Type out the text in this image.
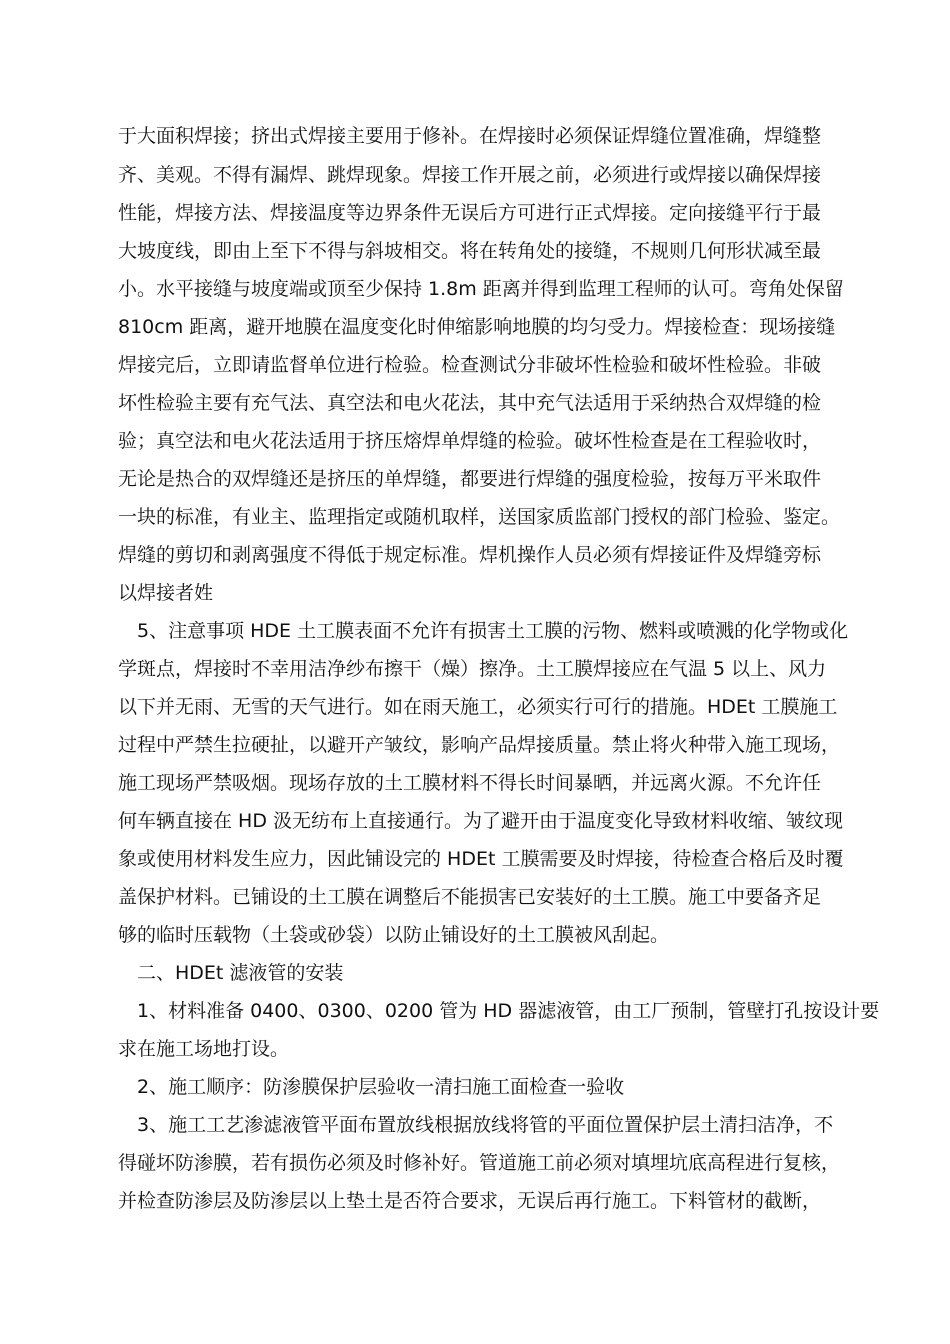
于大面积焊接；挤出式焊接主要用于修补。在焊接时必须保证焊缝位置准确，焊缝整
齐、美观。不得有漏焊、跳焊现象。焊接工作开展之前，必须进行或焊接以确保焊接
性能，焊接方法、焊接温度等边界条件无误后方可进行正式焊接。定向接缝平行于最
大坡度线，即由上至下不得与斜坡相交。将在转角处的接缝，不规则几何形状减至最
小。水平接缝与坡度端或顶至少保持 1.8m 距离并得到监理工程师的认可。弯角处保留
810cm 距离，避开地膜在温度变化时伸缩影响地膜的均匀受力。焊接检查：现场接缝
焊接完后，立即请监督单位进行检验。检查测试分非破坏性检验和破坏性检验。非破
坏性检验主要有充气法、真空法和电火花法，其中充气法适用于采纳热合双焊缝的检
验；真空法和电火花法适用于挤压熔焊单焊缝的检验。破坏性检查是在工程验收时，
无论是热合的双焊缝还是挤压的单焊缝，都要进行焊缝的强度检验，按每万平米取件
一块的标准，有业主、监理指定或随机取样，送国家质监部门授权的部门检验、鉴定。
焊缝的剪切和剥离强度不得低于规定标准。焊机操作人员必须有焊接证件及焊缝旁标
以焊接者姓
　5、注意事项 HDE 土工膜表面不允许有损害土工膜的污物、燃料或喷溅的化学物或化
学斑点，焊接时不幸用洁净纱布擦干（燥）擦净。土工膜焊接应在气温 5 以上、风力
以下并无雨、无雪的天气进行。如在雨天施工，必须实行可行的措施。HDEt 工膜施工
过程中严禁生拉硬扯，以避开产皱纹，影响产品焊接质量。禁止将火种带入施工现场，
施工现场严禁吸烟。现场存放的土工膜材料不得长时间暴晒，并远离火源。不允许任
何车辆直接在 HD 汲无纺布上直接通行。为了避开由于温度变化导致材料收缩、皱纹现
象或使用材料发生应力，因此铺设完的 HDEt 工膜需要及时焊接，待检查合格后及时覆
盖保护材料。已铺设的土工膜在调整后不能损害已安装好的土工膜。施工中要备齐足
够的临时压载物（土袋或砂袋）以防止铺设好的土工膜被风刮起。
　二、HDEt 滤液管的安装
　1、材料准备 0400、0300、0200 管为 HD 器滤液管，由工厂预制，管壁打孔按设计要
求在施工场地打设。
　2、施工顺序：防渗膜保护层验收一清扫施工面检查一验收
　3、施工工艺渗滤液管平面布置放线根据放线将管的平面位置保护层土清扫洁净，不
得碰坏防渗膜，若有损伤必须及时修补好。管道施工前必须对填埋坑底高程进行复核，
并检查防渗层及防渗层以上垫土是否符合要求，无误后再行施工。下料管材的截断，
